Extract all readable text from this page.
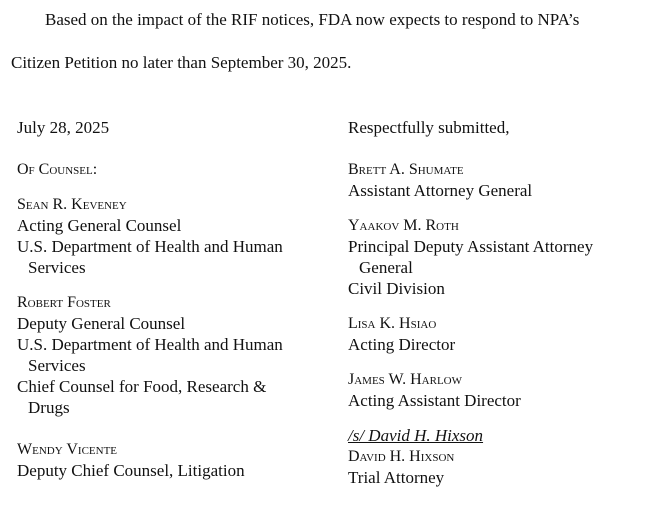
Based on the impact of the RIF notices, FDA now expects to respond to NPA’s
Citizen Petition no later than September 30, 2025.
July 28, 2025
Of Counsel:
Sean R. Keveney
Acting General Counsel
U.S. Department of Health and Human
Services
Robert Foster
Deputy General Counsel
U.S. Department of Health and Human
Services
Chief Counsel for Food, Research &
Drugs
Wendy Vicente
Deputy Chief Counsel, Litigation
Respectfully submitted,
Brett A. Shumate
Assistant Attorney General
Yaakov M. Roth
Principal Deputy Assistant Attorney
General
Civil Division
Lisa K. Hsiao
Acting Director
James W. Harlow
Acting Assistant Director
/s/ David H. Hixson
David H. Hixson
Trial Attorney
